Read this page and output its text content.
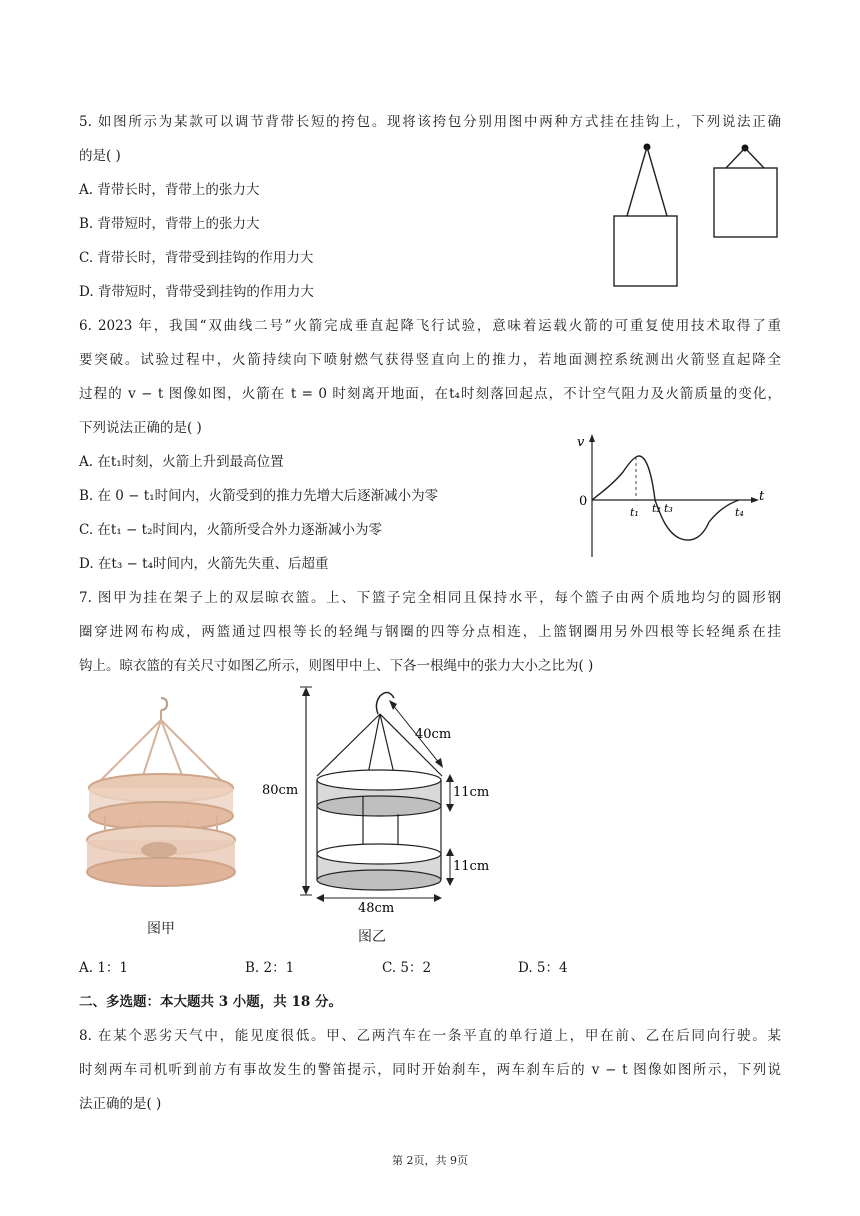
5. 如图所示为某款可以调节背带长短的挎包。现将该挎包分别用图中两种方式挂在挂钩上，下列说法正确
的是( )
A. 背带长时，背带上的张力大
B. 背带短时，背带上的张力大
C. 背带长时，背带受到挂钩的作用力大
D. 背带短时，背带受到挂钩的作用力大
6. 2023 年，我国“双曲线二号”火箭完成垂直起降飞行试验，意味着运载火箭的可重复使用技术取得了重
要突破。试验过程中，火箭持续向下喷射燃气获得竖直向上的推力，若地面测控系统测出火箭竖直起降全
过程的 v − t 图像如图，火箭在 t = 0 时刻离开地面，在t₄时刻落回起点，不计空气阻力及火箭质量的变化，
下列说法正确的是( )
A. 在t₁时刻，火箭上升到最高位置
B. 在 0 − t₁时间内，火箭受到的推力先增大后逐渐减小为零
C. 在t₁ − t₂时间内，火箭所受合外力逐渐减小为零
D. 在t₃ − t₄时间内，火箭先失重、后超重
0
v
t
t₁ t₂ t₃	t₄
7. 图甲为挂在架子上的双层晾衣篮。上、下篮子完全相同且保持水平，每个篮子由两个质地均匀的圆形钢
圈穿进网布构成，两篮通过四根等长的轻绳与钢圈的四等分点相连，上篮钢圈用另外四根等长轻绳系在挂
钩上。晾衣篮的有关尺寸如图乙所示，则图甲中上、下各一根绳中的张力大小之比为( )
图甲
80cm
40cm
11cm
11cm
48cm
图乙
A. 1：1	B. 2：1	C. 5：2	D. 5：4
二、多选题：本大题共 3 小题，共 18 分。
8. 在某个恶劣天气中，能见度很低。甲、乙两汽车在一条平直的单行道上，甲在前、乙在后同向行驶。某
时刻两车司机听到前方有事故发生的警笛提示，同时开始刹车，两车刹车后的 v − t 图像如图所示，下列说
法正确的是( )
第 2页，共 9页
